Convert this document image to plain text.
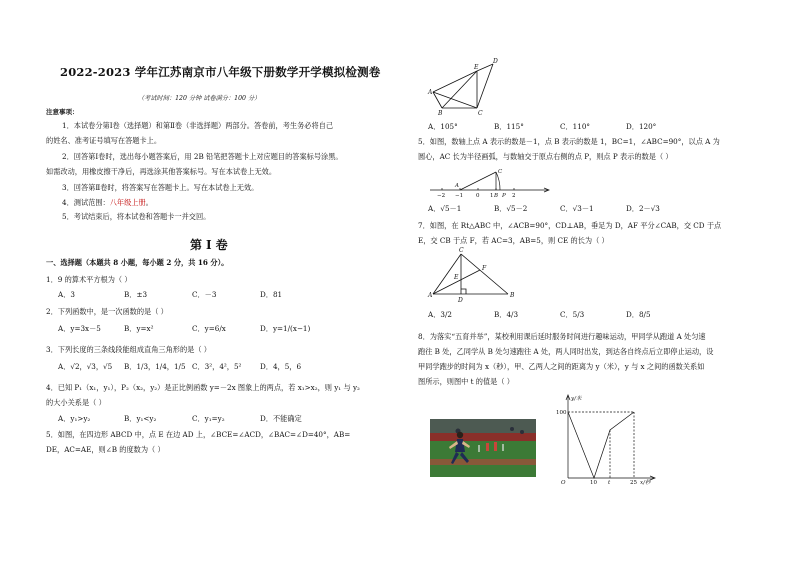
2022-2023 学年江苏南京市八年级下册数学开学模拟检测卷
（考试时间：120 分钟 试卷满分：100 分）
注意事项：
1．本试卷分第Ⅰ卷（选择题）和第Ⅱ卷（非选择题）两部分。答卷前，考生务必将自己
的姓名、准考证号填写在答题卡上。
2．回答第Ⅰ卷时，选出每小题答案后，用 2B 铅笔把答题卡上对应题目的答案标号涂黑。
如需改动，用橡皮擦干净后，再选涂其他答案标号。写在本试卷上无效。
3．回答第Ⅱ卷时，将答案写在答题卡上。写在本试卷上无效。
4．测试范围：八年级上册。
5．考试结束后，将本试卷和答题卡一并交回。
第Ⅰ卷
一、选择题（本题共 8 小题，每小题 2 分，共 16 分）。
1．9 的算术平方根为（ ）
A．3	B．±3	C．－3	D．81
2．下列函数中，是一次函数的是（ ）
A．y=3x－5	B．y=x²	C．y=6/x	D．y=1/(x−1)
3．下列长度的三条线段能组成直角三角形的是（ ）
A．√2，√3，√5 B．1/3，1/4，1/5 C．3²，4²，5²	D．4，5，6
4．已知 P₁（x₁，y₁），P₂（x₂，y₂）是正比例函数 y=－2x 图象上的两点，若 x₁>x₂，则 y₁ 与 y₂
的大小关系是（ ）
A．y₁>y₂	B．y₁<y₂	C．y₁=y₂	D．不能确定
5．如图，在四边形 ABCD 中，点 E 在边 AD 上，∠BCE=∠ACD，∠BAC=∠D=40°，AB=
DE，AC=AE，则∠B 的度数为（ ）
A
B	C
D
E
A．105°	B．115°	C．110°	D．120°
5．如图，数轴上点 A 表示的数是－1，点 B 表示的数是 1，BC=1，∠ABC=90°，以点 A 为
圆心，AC 长为半径画弧，与数轴交于原点右侧的点 P，则点 P 表示的数是（ ）
−2 −1 0 1	2
A
B
C
P
A．√5－1	B．√5－2	C．√3－1	D．2－√3
7．如图，在 Rt△ABC 中，∠ACB=90°，CD⊥AB，垂足为 D，AF 平分∠CAB，交 CD 于点
E，交 CB 于点 F，若 AC=3，AB=5，则 CE 的长为（ ）
A	B
C
D
E
F
A．3/2	B．4/3	C．5/3	D．8/5
8．为落实“五育并举”，某校利用课后延时服务时间进行趣味运动，甲同学从跑道 A 处匀速
跑往 B 处，乙同学从 B 处匀速跑往 A 处，两人同时出发，到达各自终点后立即停止运动，设
甲同学跑步的时间为 x（秒），甲、乙两人之间的距离为 y（米），y 与 x 之间的函数关系如
图所示，则图中 t 的值是（ ）
y/米
x/秒
100
O	10 t	25
